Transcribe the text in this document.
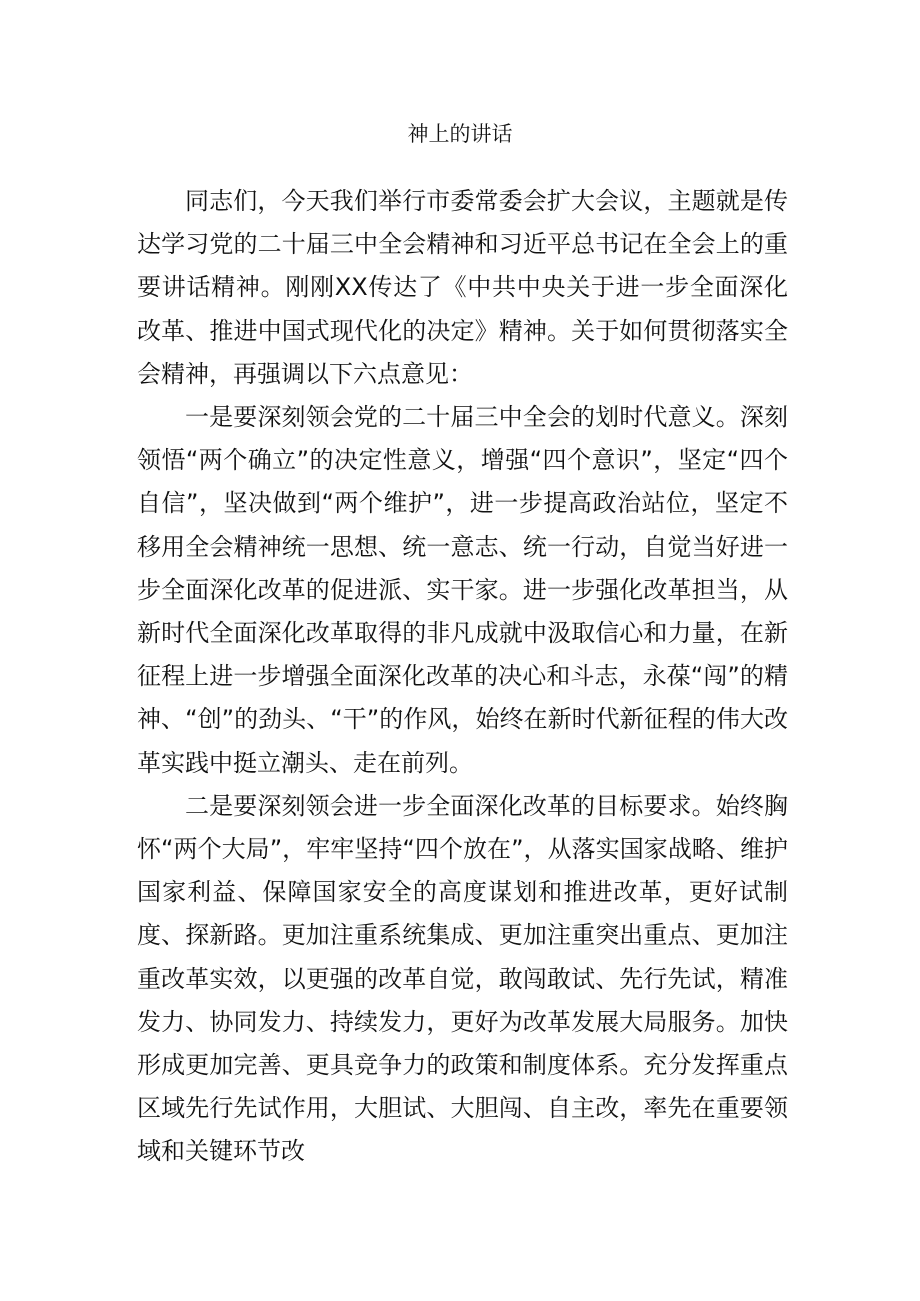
神上的讲话

同志们，今天我们举行市委常委会扩大会议，主题就是传达学习党的二十届三中全会精神和习近平总书记在全会上的重要讲话精神。刚刚XX传达了《中共中央关于进一步全面深化改革、推进中国式现代化的决定》精神。关于如何贯彻落实全会精神，再强调以下六点意见：

一是要深刻领会党的二十届三中全会的划时代意义。深刻领悟“两个确立”的决定性意义，增强“四个意识”，坚定“四个自信”，坚决做到“两个维护”，进一步提高政治站位，坚定不移用全会精神统一思想、统一意志、统一行动，自觉当好进一步全面深化改革的促进派、实干家。进一步强化改革担当，从新时代全面深化改革取得的非凡成就中汲取信心和力量，在新征程上进一步增强全面深化改革的决心和斗志，永葆“闯”的精神、“创”的劲头、“干”的作风，始终在新时代新征程的伟大改革实践中挺立潮头、走在前列。

二是要深刻领会进一步全面深化改革的目标要求。始终胸怀“两个大局”，牢牢坚持“四个放在”，从落实国家战略、维护国家利益、保障国家安全的高度谋划和推进改革，更好试制度、探新路。更加注重系统集成、更加注重突出重点、更加注重改革实效，以更强的改革自觉，敢闯敢试、先行先试，精准发力、协同发力、持续发力，更好为改革发展大局服务。加快形成更加完善、更具竞争力的政策和制度体系。充分发挥重点区域先行先试作用，大胆试、大胆闯、自主改，率先在重要领域和关键环节改
